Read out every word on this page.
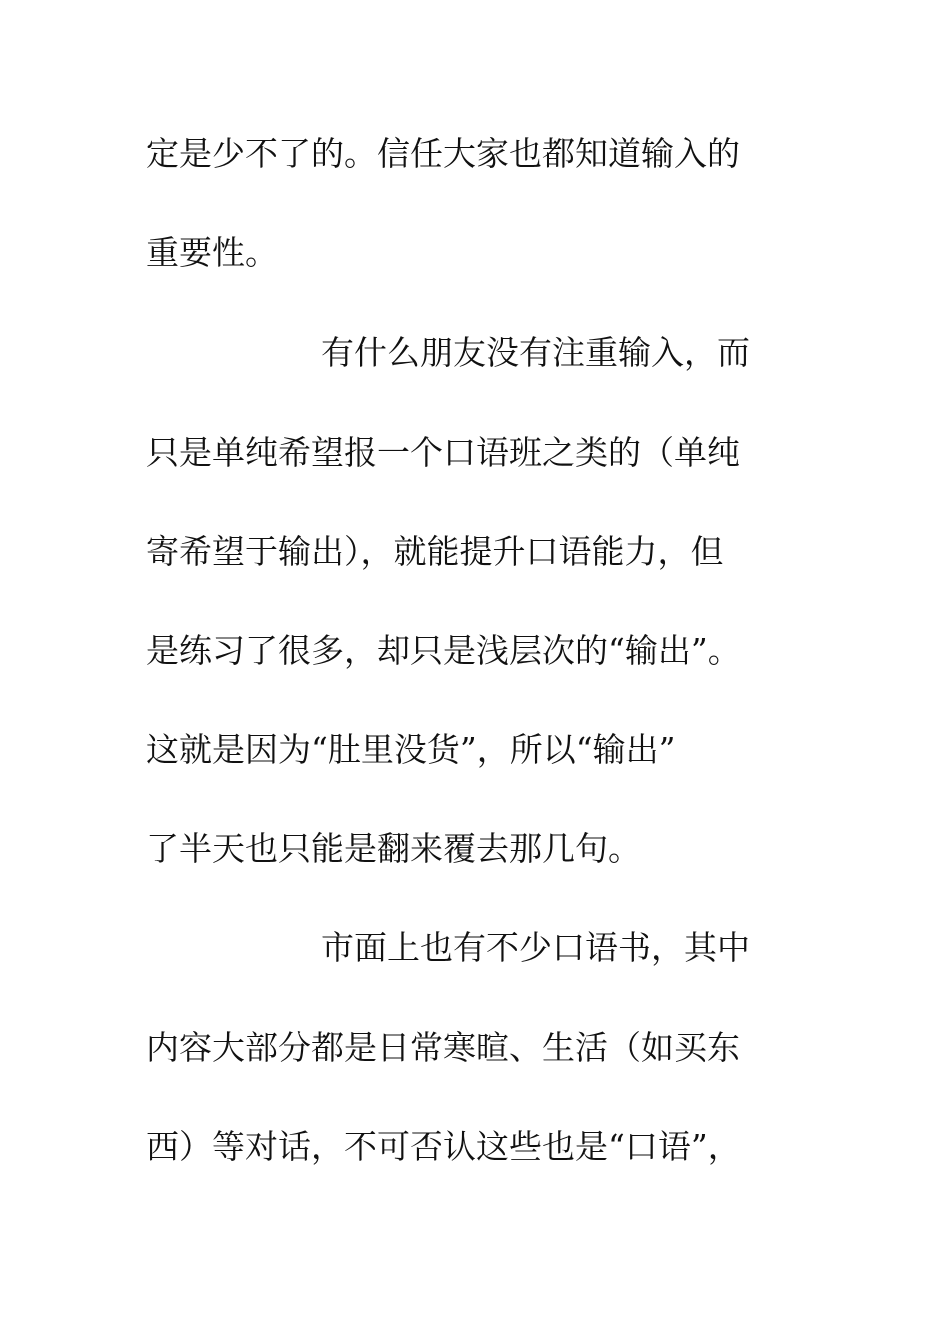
定是少不了的。信任大家也都知道输入的
重要性。
有什么朋友没有注重输入，而
只是单纯希望报一个口语班之类的（单纯
寄希望于输出），就能提升口语能力，但
是练习了很多，却只是浅层次的“输出”。
这就是因为“肚里没货”，所以“输出”
了半天也只能是翻来覆去那几句。
市面上也有不少口语书，其中
内容大部分都是日常寒暄、生活（如买东
西）等对话，不可否认这些也是“口语”，
